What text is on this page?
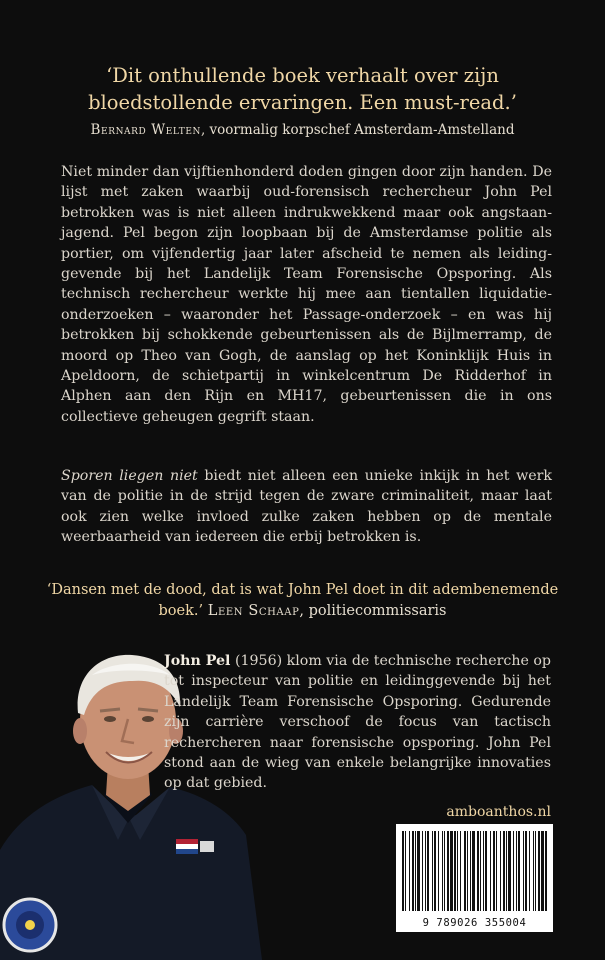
‘Dit onthullende boek verhaalt over zijn bloedstollende ervaringen. Een must-read.’
Bernard Welten, voormalig korpschef Amsterdam-Amstelland
Niet minder dan vijftienhonderd doden gingen door zijn handen. De lijst met zaken waarbij oud-forensisch rechercheur John Pel betrokken was is niet alleen indrukwekkend maar ook angstaanjagend. Pel begon zijn loopbaan bij de Amsterdamse politie als portier, om vijfendertig jaar later afscheid te nemen als leidinggevende bij het Landelijk Team Forensische Opsporing. Als technisch rechercheur werkte hij mee aan tientallen liquidatieonderzoeken – waaronder het Passage-onderzoek – en was hij betrokken bij schokkende gebeurtenissen als de Bijlmerramp, de moord op Theo van Gogh, de aanslag op het Koninklijk Huis in Apeldoorn, de schietpartij in winkelcentrum De Ridderhof in Alphen aan den Rijn en MH17, gebeurtenissen die in ons collectieve geheugen gegrift staan.
Sporen liegen niet biedt niet alleen een unieke inkijk in het werk van de politie in de strijd tegen de zware criminaliteit, maar laat ook zien welke invloed zulke zaken hebben op de mentale weerbaarheid van iedereen die erbij betrokken is.
‘Dansen met de dood, dat is wat John Pel doet in dit adembenemende boek.’ Leen Schaap, politiecommissaris
John Pel (1956) klom via de technische recherche op tot inspecteur van politie en leidinggevende bij het Landelijk Team Forensische Opsporing. Gedurende zijn carrière verschoof de focus van tactisch rechercheren naar forensische opsporing. John Pel stond aan de wieg van enkele belangrijke innovaties op dat gebied.
amboanthos.nl
9 789026 355004
